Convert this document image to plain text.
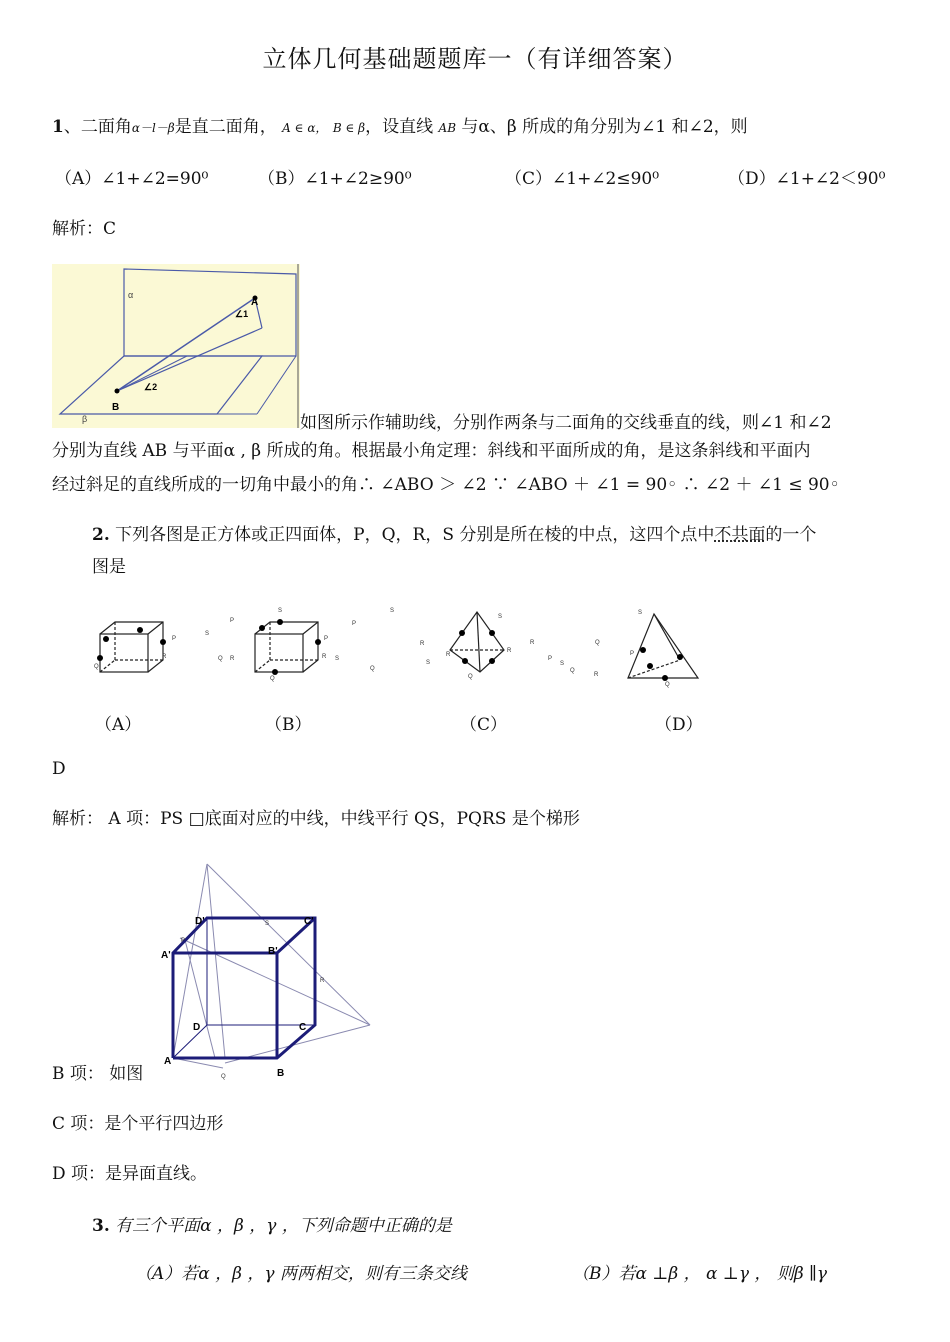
立体几何基础题题库一（有详细答案）
1、二面角α－l－β是直二面角， A ∈ α， B ∈ β，设直线 AB 与α、β 所成的角分别为∠1 和∠2，则
（A）∠1+∠2=90⁰	（B）∠1+∠2≥90⁰	（C）∠1+∠2≤90⁰	（D）∠1+∠2＜90⁰
解析：C
α
β
A
B
∠1
∠2
如图所示作辅助线，分别作两条与二面角的交线垂直的线，则∠1 和∠2
分别为直线 AB 与平面α , β 所成的角。根据最小角定理：斜线和平面所成的角，是这条斜线和平面内
经过斜足的直线所成的一切角中最小的角∴ ∠ABO ＞ ∠2 ∵ ∠ABO ＋ ∠1 = 90◦ ∴ ∠2 ＋ ∠1 ≤ 90◦
2. 下列各图是正方体或正四面体，P，Q，R，S 分别是所在棱的中点，这四个点中不共面的一个
图是
P
R
Q
S
P
Q R
S
P
R
Q
P
S
S
Q
R
S
R
Q
S
R
R
P
S
Q
Q
R
S
P
Q
（A）	（B）	（C）	（D）
D
解析： A 项：PS □底面对应的中线，中线平行 QS，PQRS 是个梯形
D'	C'
A'	B'
D	C
A
B
P
S
R
Q
B 项： 如图
C 项：是个平行四边形
D 项：是异面直线。
3. 有三个平面α ，β ，γ ，下列命题中正确的是
（A）若α ，β ，γ 两两相交，则有三条交线	（B）若α ⊥β ， α ⊥γ ， 则β ∥γ
